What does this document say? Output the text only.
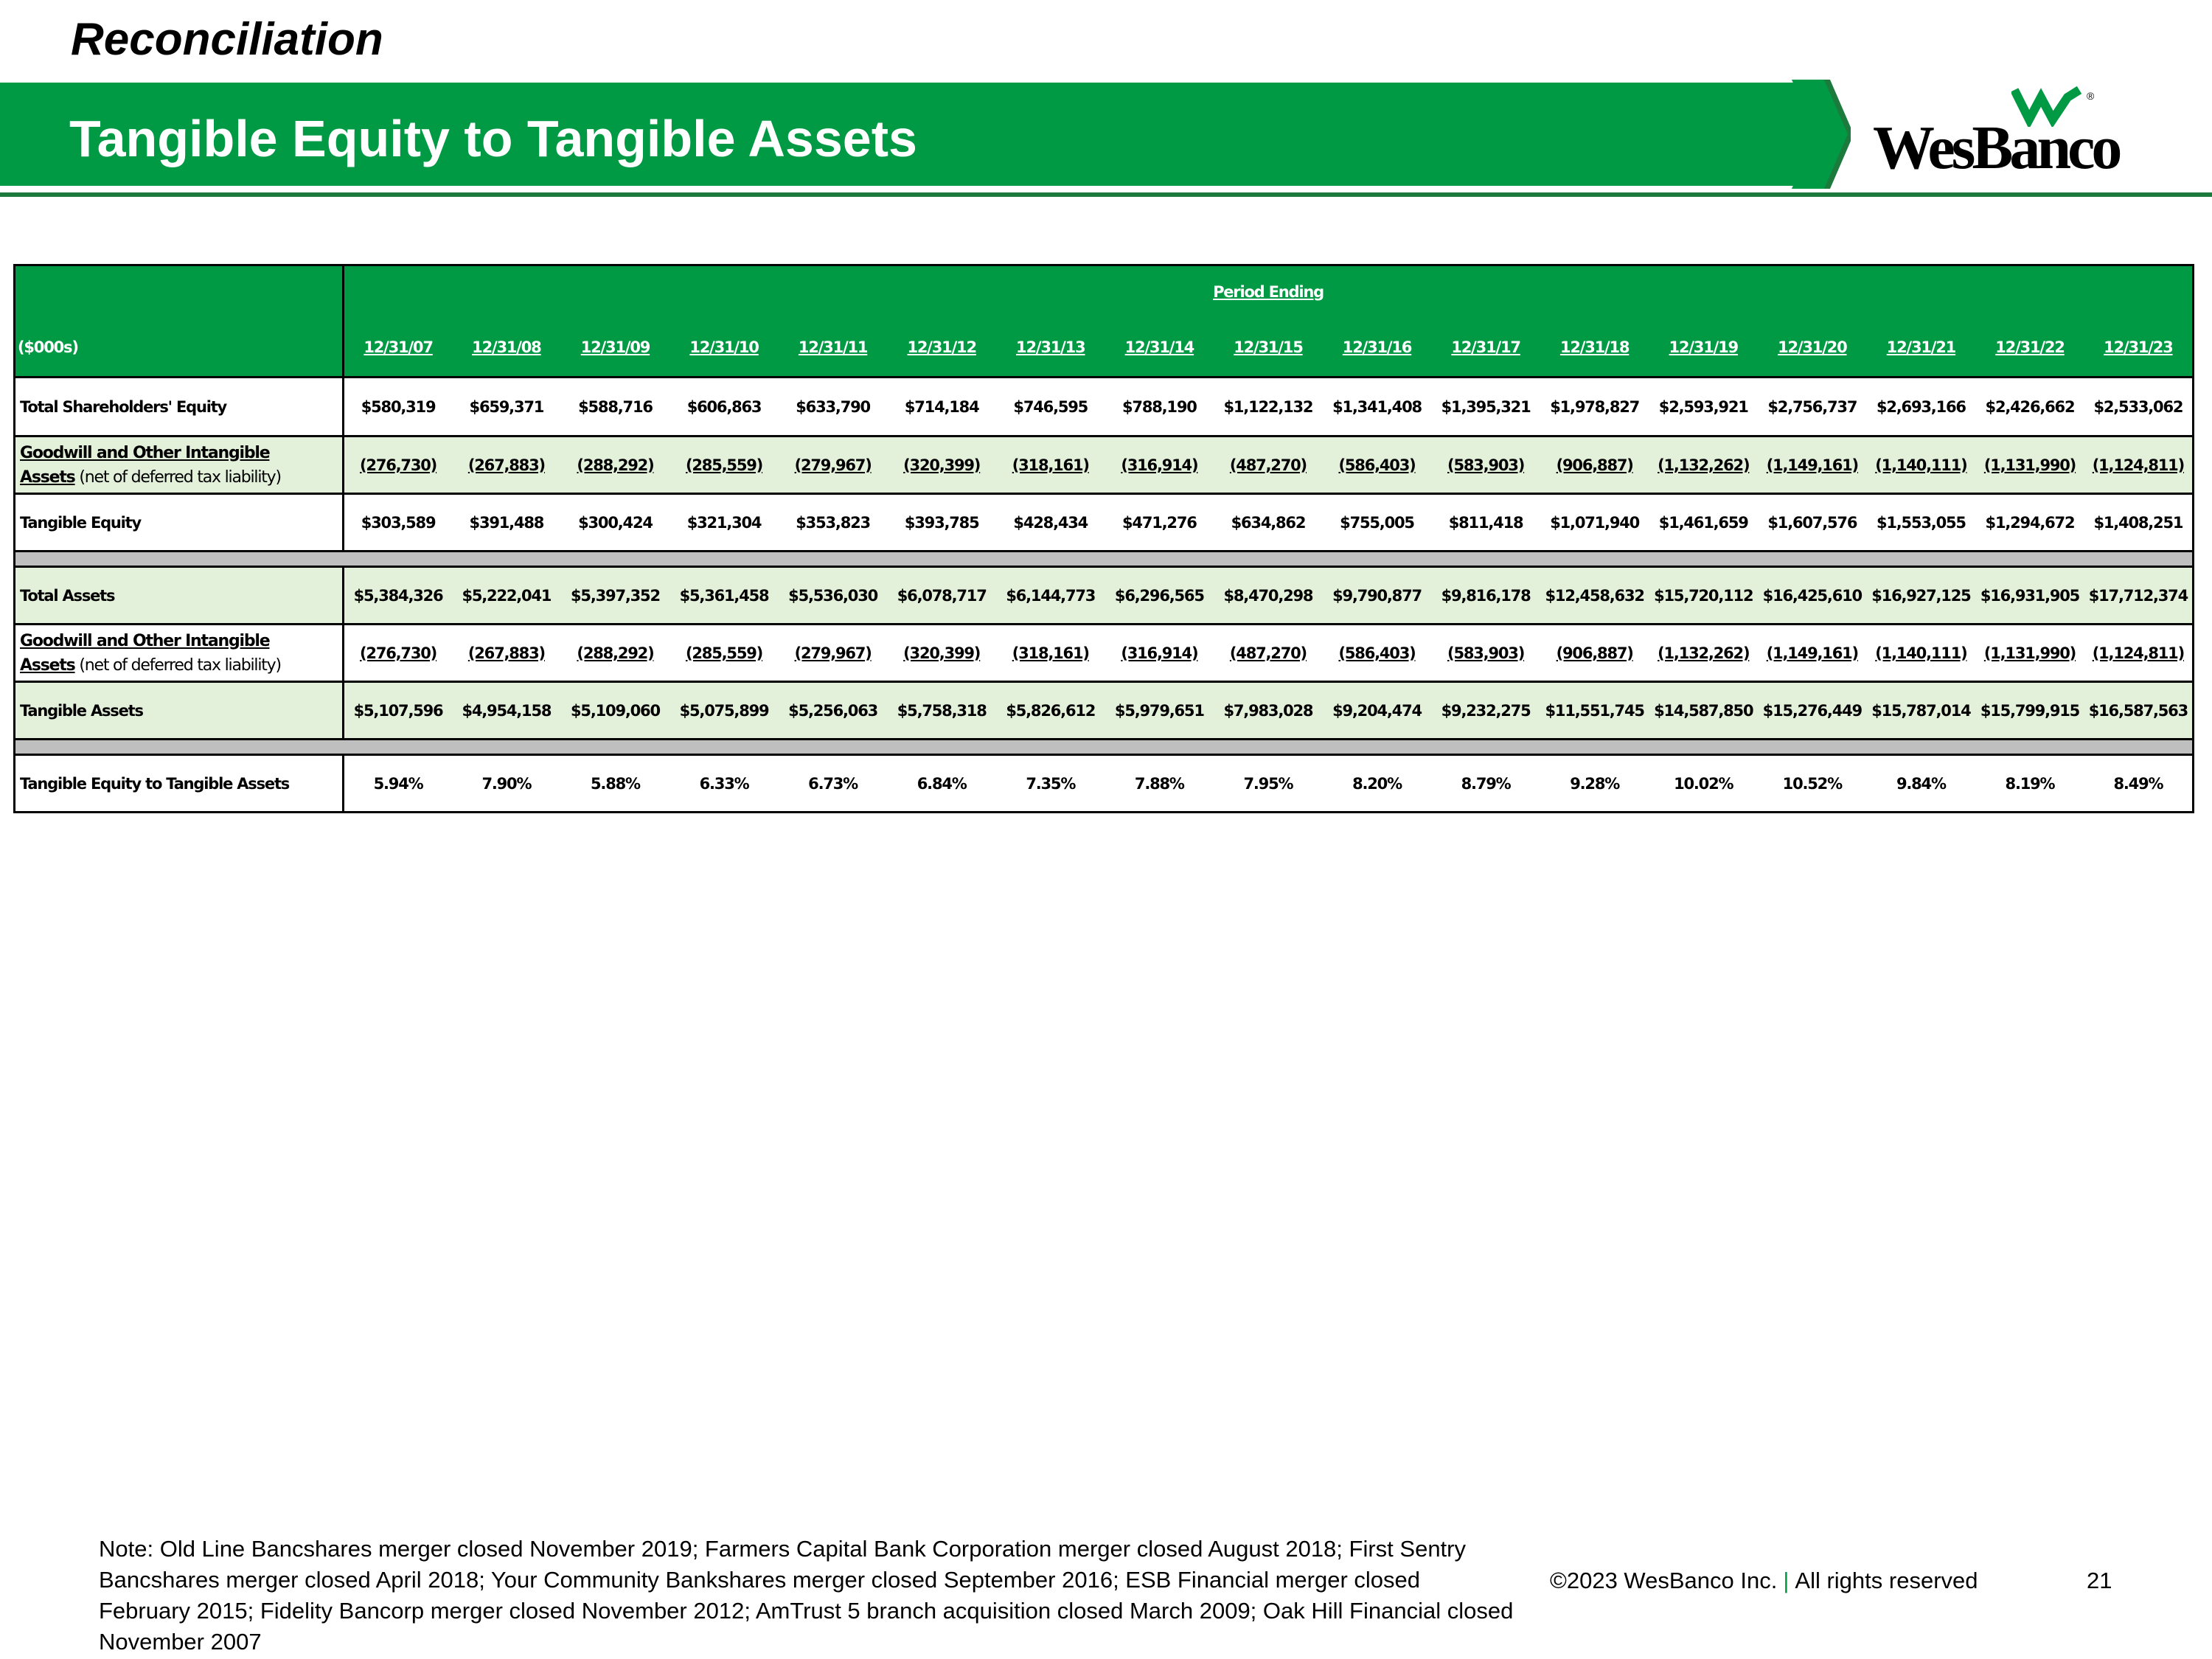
Reconciliation
Tangible Equity to Tangible Assets
®
WesBanco
	Period Ending																
($000s)	12/31/07	12/31/08	12/31/09	12/31/10	12/31/11	12/31/12	12/31/13	12/31/14	12/31/15	12/31/16	12/31/17	12/31/18	12/31/19	12/31/20	12/31/21	12/31/22	12/31/23
Total Shareholders' Equity	$580,319	$659,371	$588,716	$606,863	$633,790	$714,184	$746,595	$788,190	$1,122,132	$1,341,408	$1,395,321	$1,978,827	$2,593,921	$2,756,737	$2,693,166	$2,426,662	$2,533,062
Goodwill and Other Intangible
Assets (net of deferred tax liability)	(276,730)	(267,883)	(288,292)	(285,559)	(279,967)	(320,399)	(318,161)	(316,914)	(487,270)	(586,403)	(583,903)	(906,887)	(1,132,262)	(1,149,161)	(1,140,111)	(1,131,990)	(1,124,811)
Tangible Equity	$303,589	$391,488	$300,424	$321,304	$353,823	$393,785	$428,434	$471,276	$634,862	$755,005	$811,418	$1,071,940	$1,461,659	$1,607,576	$1,553,055	$1,294,672	$1,408,251

Total Assets	$5,384,326	$5,222,041	$5,397,352	$5,361,458	$5,536,030	$6,078,717	$6,144,773	$6,296,565	$8,470,298	$9,790,877	$9,816,178	$12,458,632	$15,720,112	$16,425,610	$16,927,125	$16,931,905	$17,712,374
Goodwill and Other Intangible
Assets (net of deferred tax liability)	(276,730)	(267,883)	(288,292)	(285,559)	(279,967)	(320,399)	(318,161)	(316,914)	(487,270)	(586,403)	(583,903)	(906,887)	(1,132,262)	(1,149,161)	(1,140,111)	(1,131,990)	(1,124,811)
Tangible Assets	$5,107,596	$4,954,158	$5,109,060	$5,075,899	$5,256,063	$5,758,318	$5,826,612	$5,979,651	$7,983,028	$9,204,474	$9,232,275	$11,551,745	$14,587,850	$15,276,449	$15,787,014	$15,799,915	$16,587,563

Tangible Equity to Tangible Assets	5.94%	7.90%	5.88%	6.33%	6.73%	6.84%	7.35%	7.88%	7.95%	8.20%	8.79%	9.28%	10.02%	10.52%	9.84%	8.19%	8.49%
Note: Old Line Bancshares merger closed November 2019; Farmers Capital Bank Corporation merger closed August 2018; First Sentry Bancshares merger closed April 2018; Your Community Bankshares merger closed September 2016; ESB Financial merger closed February 2015; Fidelity Bancorp merger closed November 2012; AmTrust 5 branch acquisition closed March 2009; Oak Hill Financial closed November 2007
©2023 WesBanco Inc. | All rights reserved	21
